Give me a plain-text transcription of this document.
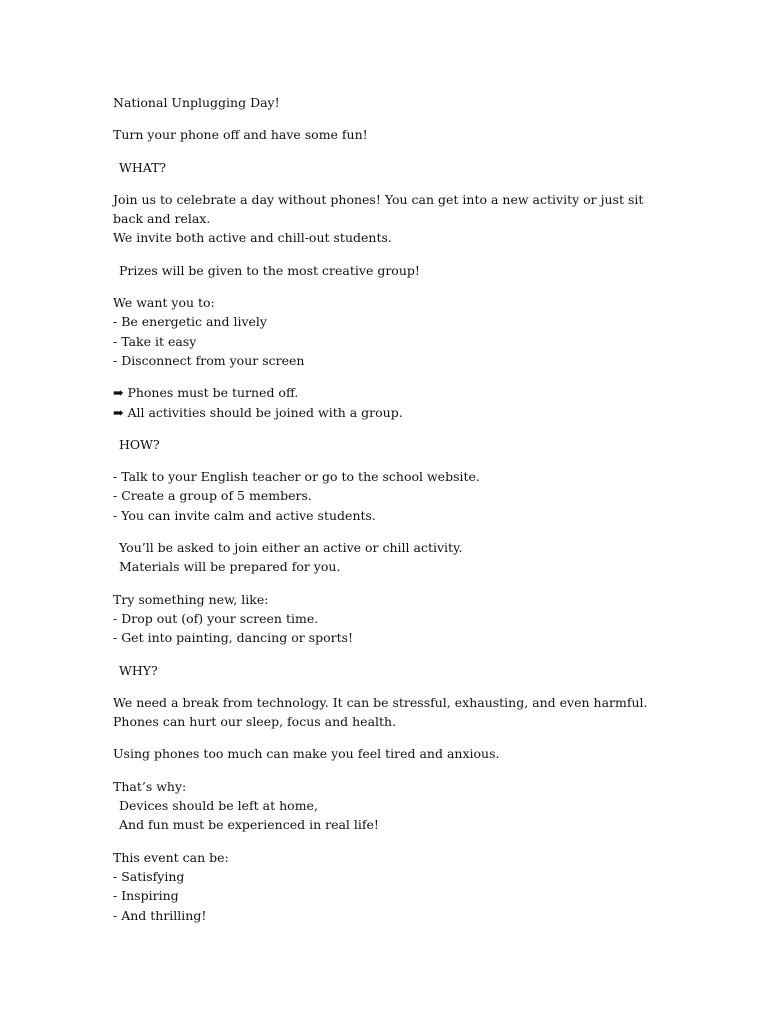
National Unplugging Day!

Turn your phone off and have some fun!

WHAT?

Join us to celebrate a day without phones! You can get into a new activity or just sit back and relax.
We invite both active and chill-out students.

Prizes will be given to the most creative group!

We want you to:
- Be energetic and lively
- Take it easy
- Disconnect from your screen

➡ Phones must be turned off.
➡ All activities should be joined with a group.

HOW?

- Talk to your English teacher or go to the school website.
- Create a group of 5 members.
- You can invite calm and active students.

You’ll be asked to join either an active or chill activity.
Materials will be prepared for you.

Try something new, like:
- Drop out (of) your screen time.
- Get into painting, dancing or sports!

WHY?

We need a break from technology. It can be stressful, exhausting, and even harmful.
Phones can hurt our sleep, focus and health.

Using phones too much can make you feel tired and anxious.

That’s why:
Devices should be left at home,
And fun must be experienced in real life!

This event can be:
- Satisfying
- Inspiring
- And thrilling!
